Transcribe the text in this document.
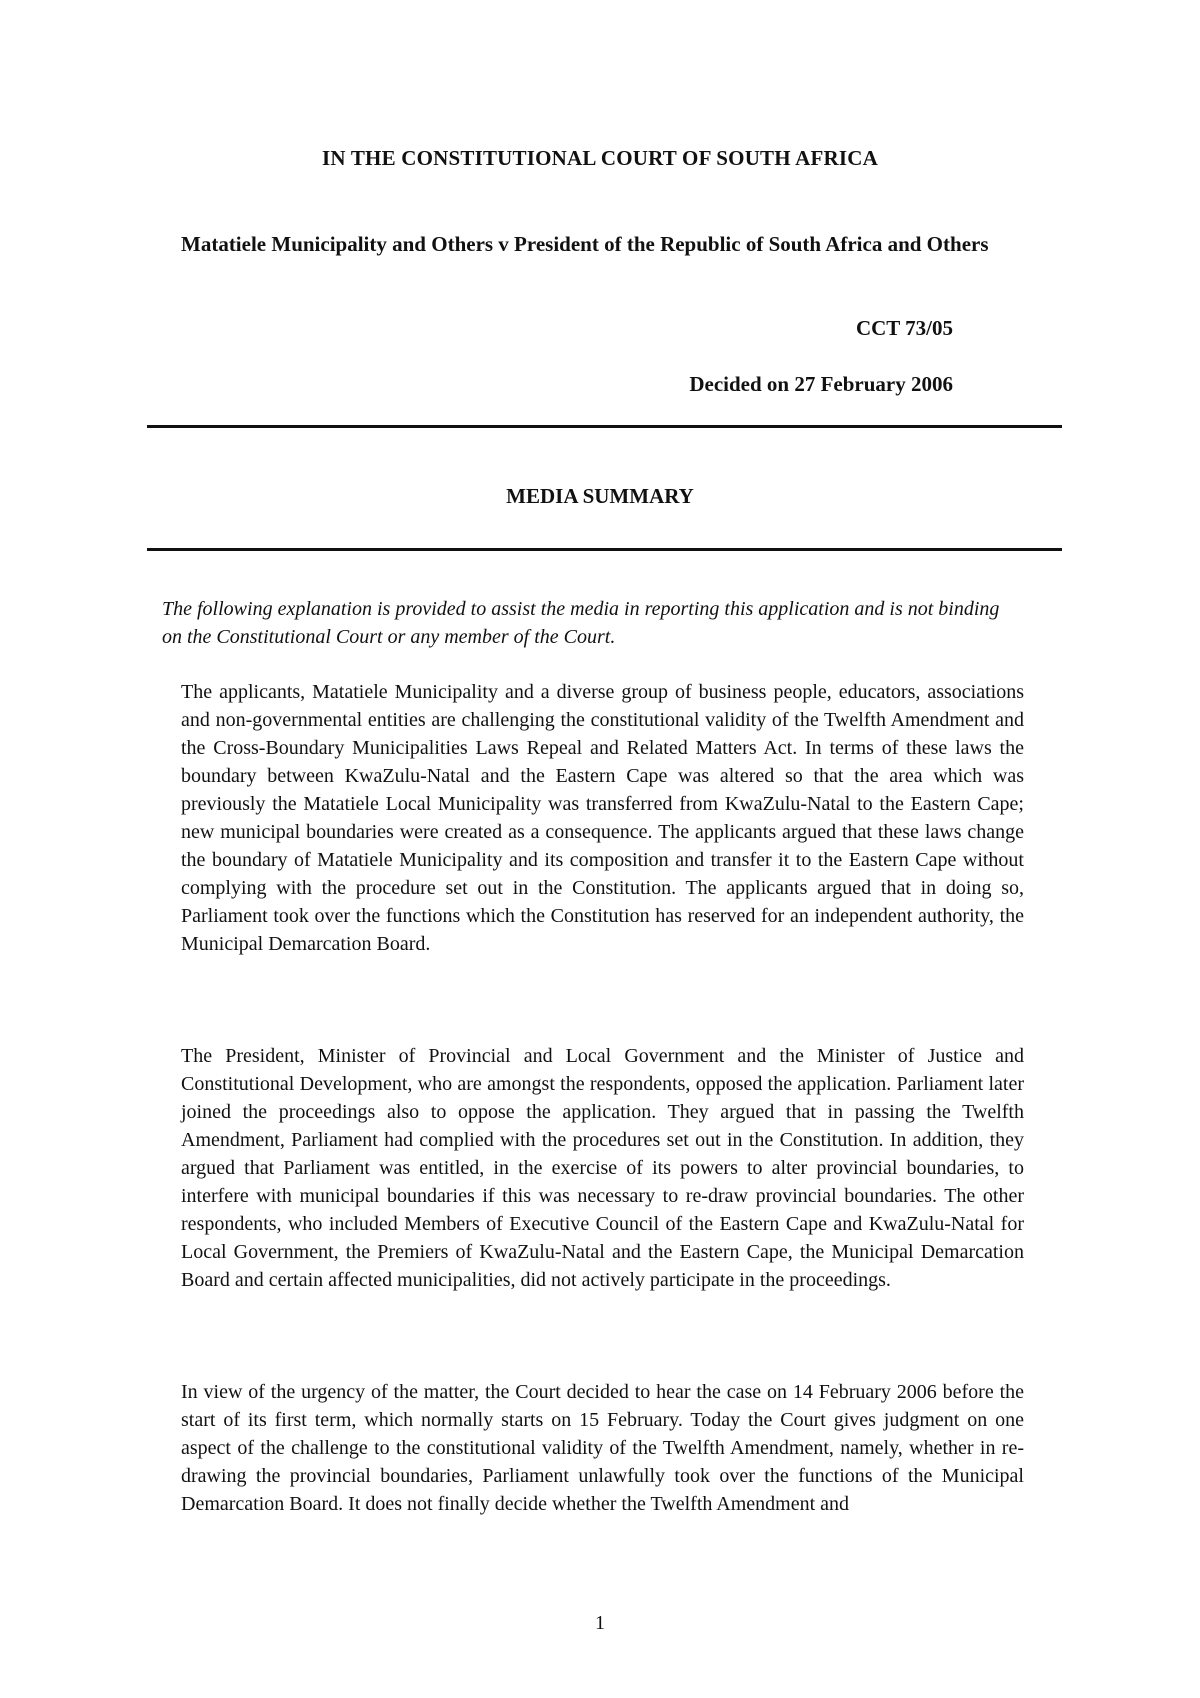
IN THE CONSTITUTIONAL COURT OF SOUTH AFRICA
Matatiele Municipality and Others v President of the Republic of South Africa and Others
CCT 73/05
Decided on 27 February 2006
MEDIA SUMMARY
The following explanation is provided to assist the media in reporting this application and is not binding on the Constitutional Court or any member of the Court.

The applicants, Matatiele Municipality and a diverse group of business people, educators, associations and non-governmental entities are challenging the constitutional validity of the Twelfth Amendment and the Cross-Boundary Municipalities Laws Repeal and Related Matters Act. In terms of these laws the boundary between KwaZulu-Natal and the Eastern Cape was altered so that the area which was previously the Matatiele Local Municipality was transferred from KwaZulu-Natal to the Eastern Cape; new municipal boundaries were created as a consequence. The applicants argued that these laws change the boundary of Matatiele Municipality and its composition and transfer it to the Eastern Cape without complying with the procedure set out in the Constitution. The applicants argued that in doing so, Parliament took over the functions which the Constitution has reserved for an independent authority, the Municipal Demarcation Board.

The President, Minister of Provincial and Local Government and the Minister of Justice and Constitutional Development, who are amongst the respondents, opposed the application. Parliament later joined the proceedings also to oppose the application. They argued that in passing the Twelfth Amendment, Parliament had complied with the procedures set out in the Constitution. In addition, they argued that Parliament was entitled, in the exercise of its powers to alter provincial boundaries, to interfere with municipal boundaries if this was necessary to re-draw provincial boundaries. The other respondents, who included Members of Executive Council of the Eastern Cape and KwaZulu-Natal for Local Government, the Premiers of KwaZulu-Natal and the Eastern Cape, the Municipal Demarcation Board and certain affected municipalities, did not actively participate in the proceedings.

In view of the urgency of the matter, the Court decided to hear the case on 14 February 2006 before the start of its first term, which normally starts on 15 February. Today the Court gives judgment on one aspect of the challenge to the constitutional validity of the Twelfth Amendment, namely, whether in re-drawing the provincial boundaries, Parliament unlawfully took over the functions of the Municipal Demarcation Board. It does not finally decide whether the Twelfth Amendment and

1
